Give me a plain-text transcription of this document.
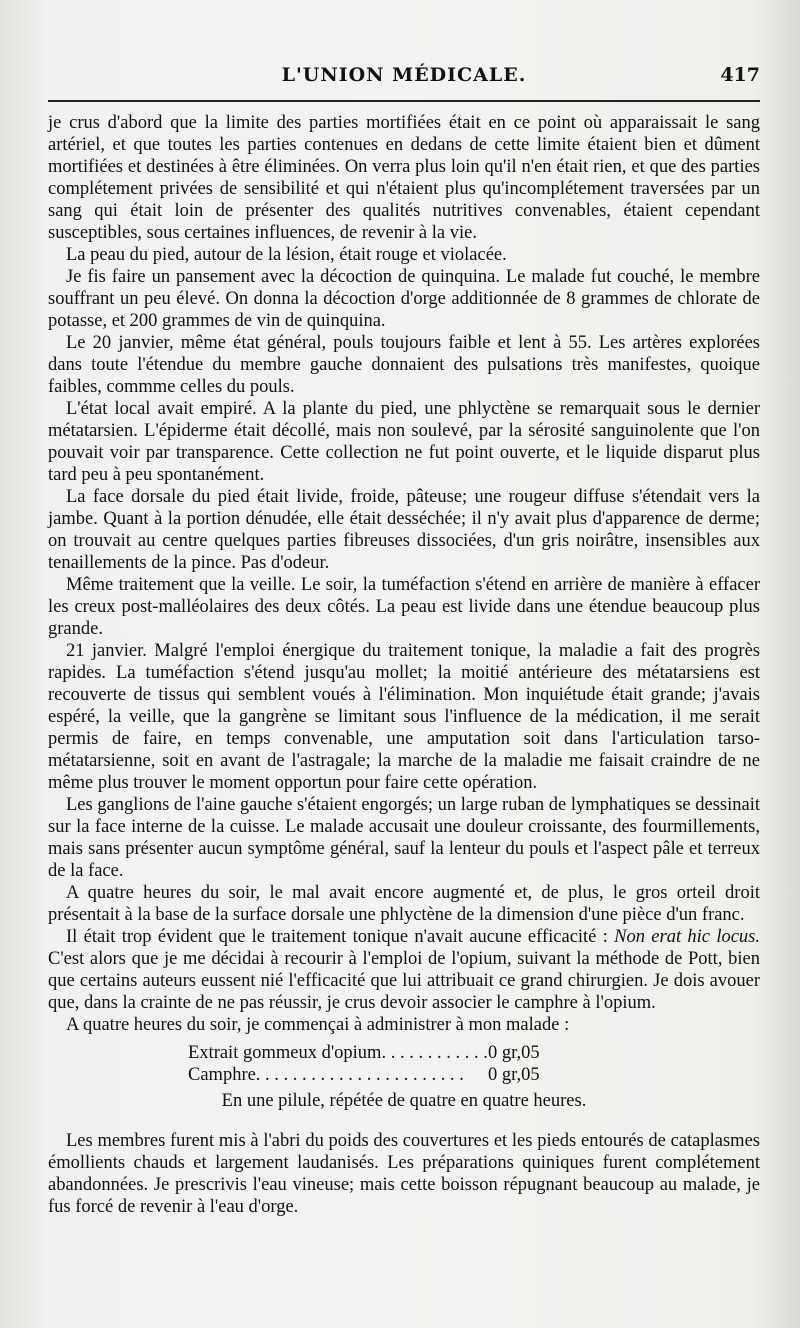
L'UNION MÉDICALE.	417

je crus d'abord que la limite des parties mortifiées était en ce point où apparaissait le sang artériel, et que toutes les parties contenues en dedans de cette limite étaient bien et dûment mortifiées et destinées à être éliminées. On verra plus loin qu'il n'en était rien, et que des parties complétement privées de sensibilité et qui n'étaient plus qu'incomplétement traversées par un sang qui était loin de présenter des qualités nutritives convenables, étaient cependant susceptibles, sous certaines influences, de revenir à la vie.

La peau du pied, autour de la lésion, était rouge et violacée.

Je fis faire un pansement avec la décoction de quinquina. Le malade fut couché, le membre souffrant un peu élevé. On donna la décoction d'orge additionnée de 8 grammes de chlorate de potasse, et 200 grammes de vin de quinquina.

Le 20 janvier, même état général, pouls toujours faible et lent à 55. Les artères explorées dans toute l'étendue du membre gauche donnaient des pulsations très manifestes, quoique faibles, commme celles du pouls.

L'état local avait empiré. A la plante du pied, une phlyctène se remarquait sous le dernier métatarsien. L'épiderme était décollé, mais non soulevé, par la sérosité sanguinolente que l'on pouvait voir par transparence. Cette collection ne fut point ouverte, et le liquide disparut plus tard peu à peu spontanément.

La face dorsale du pied était livide, froide, pâteuse; une rougeur diffuse s'étendait vers la jambe. Quant à la portion dénudée, elle était desséchée; il n'y avait plus d'apparence de derme; on trouvait au centre quelques parties fibreuses dissociées, d'un gris noirâtre, insensibles aux tenaillements de la pince. Pas d'odeur.

Même traitement que la veille. Le soir, la tuméfaction s'étend en arrière de manière à effacer les creux post-malléolaires des deux côtés. La peau est livide dans une étendue beaucoup plus grande.

21 janvier. Malgré l'emploi énergique du traitement tonique, la maladie a fait des progrès rapides. La tuméfaction s'étend jusqu'au mollet; la moitié antérieure des métatarsiens est recouverte de tissus qui semblent voués à l'élimination. Mon inquiétude était grande; j'avais espéré, la veille, que la gangrène se limitant sous l'influence de la médication, il me serait permis de faire, en temps convenable, une amputation soit dans l'articulation tarso-métatarsienne, soit en avant de l'astragale; la marche de la maladie me faisait craindre de ne même plus trouver le moment opportun pour faire cette opération.

Les ganglions de l'aine gauche s'étaient engorgés; un large ruban de lymphatiques se dessinait sur la face interne de la cuisse. Le malade accusait une douleur croissante, des fourmillements, mais sans présenter aucun symptôme général, sauf la lenteur du pouls et l'aspect pâle et terreux de la face.

A quatre heures du soir, le mal avait encore augmenté et, de plus, le gros orteil droit présentait à la base de la surface dorsale une phlyctène de la dimension d'une pièce d'un franc.

Il était trop évident que le traitement tonique n'avait aucune efficacité : Non erat hic locus. C'est alors que je me décidai à recourir à l'emploi de l'opium, suivant la méthode de Pott, bien que certains auteurs eussent nié l'efficacité que lui attribuait ce grand chirurgien. Je dois avouer que, dans la crainte de ne pas réussir, je crus devoir associer le camphre à l'opium.

A quatre heures du soir, je commençai à administrer à mon malade :

Extrait gommeux d'opium. . . . . . . . . . . . 0 gr,05
Camphre. . . . . . . . . . . . . . . . . . . . . . .	0 gr,05
En une pilule, répétée de quatre en quatre heures.

Les membres furent mis à l'abri du poids des couvertures et les pieds entourés de cataplasmes émollients chauds et largement laudanisés. Les préparations quiniques furent complétement abandonnées. Je prescrivis l'eau vineuse; mais cette boisson répugnant beaucoup au malade, je fus forcé de revenir à l'eau d'orge.
